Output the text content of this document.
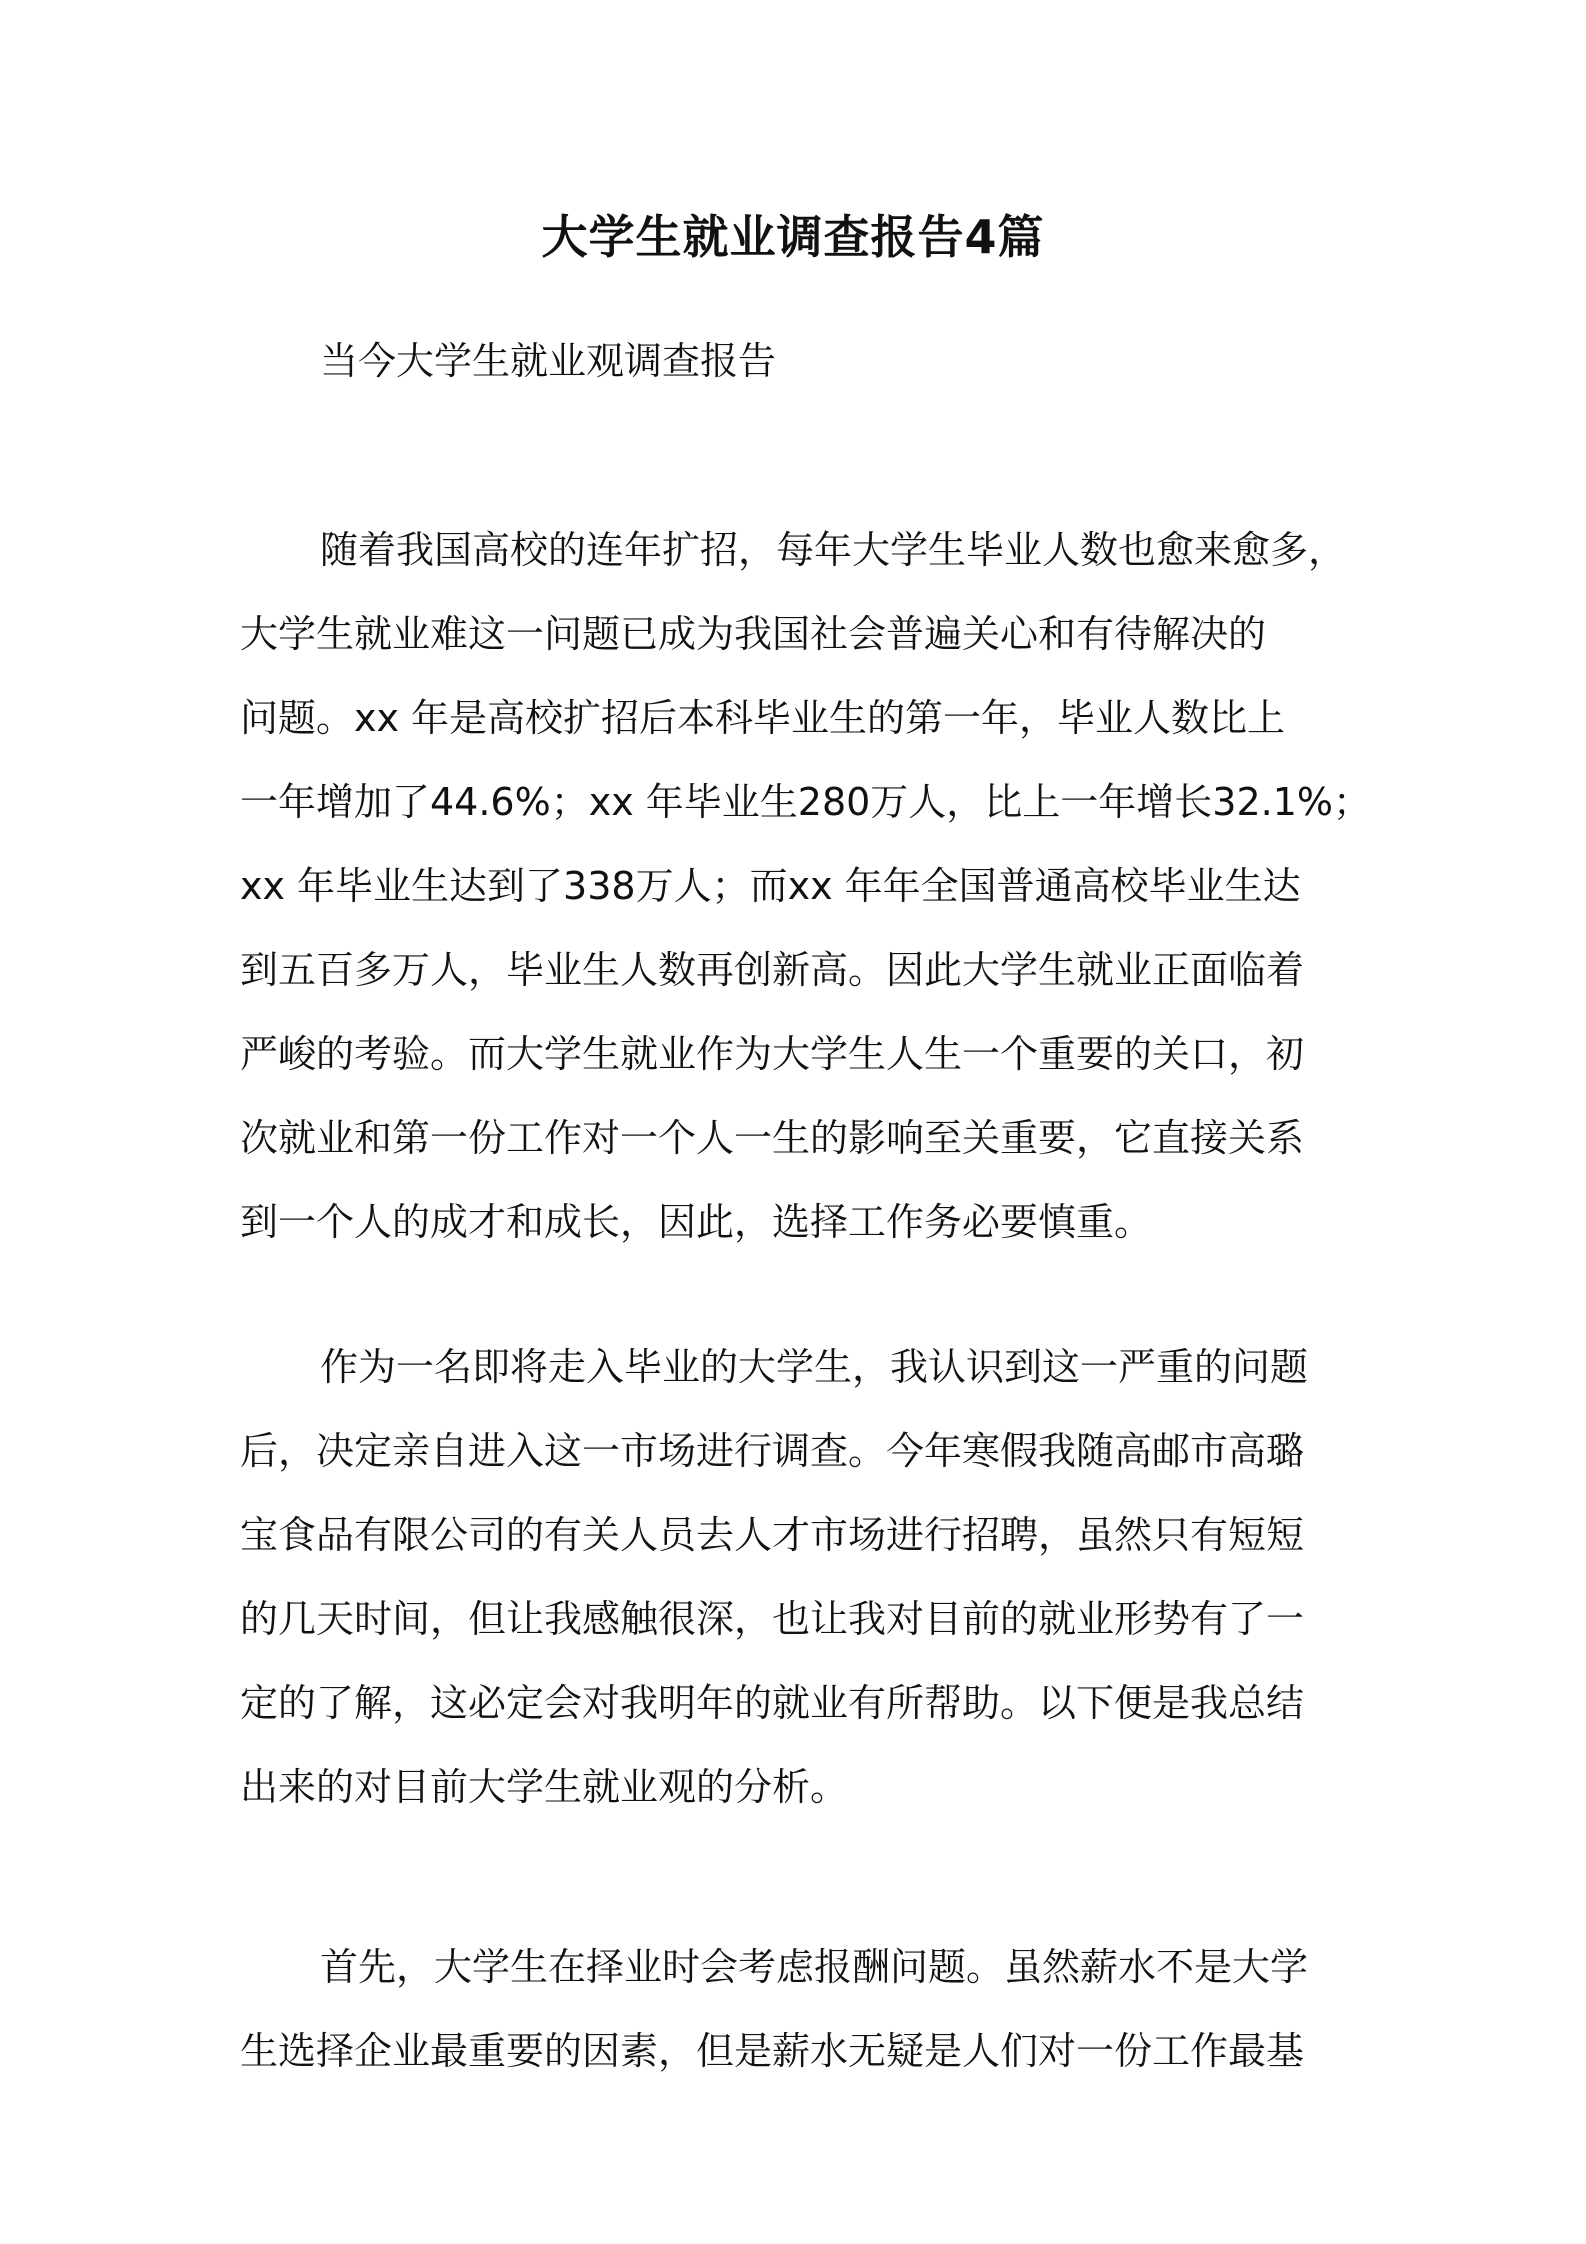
大学生就业调查报告4篇

当今大学生就业观调查报告

随着我国高校的连年扩招，每年大学生毕业人数也愈来愈多，
大学生就业难这一问题已成为我国社会普遍关心和有待解决的
问题。xx 年是高校扩招后本科毕业生的第一年，毕业人数比上
一年增加了44.6%；xx 年毕业生280万人，比上一年增长32.1%；
xx 年毕业生达到了338万人；而xx 年年全国普通高校毕业生达
到五百多万人，毕业生人数再创新高。因此大学生就业正面临着
严峻的考验。而大学生就业作为大学生人生一个重要的关口，初
次就业和第一份工作对一个人一生的影响至关重要，它直接关系
到一个人的成才和成长，因此，选择工作务必要慎重。
作为一名即将走入毕业的大学生，我认识到这一严重的问题
后，决定亲自进入这一市场进行调查。今年寒假我随高邮市高璐
宝食品有限公司的有关人员去人才市场进行招聘，虽然只有短短
的几天时间，但让我感触很深，也让我对目前的就业形势有了一
定的了解，这必定会对我明年的就业有所帮助。以下便是我总结
出来的对目前大学生就业观的分析。
首先，大学生在择业时会考虑报酬问题。虽然薪水不是大学
生选择企业最重要的因素，但是薪水无疑是人们对一份工作最基
